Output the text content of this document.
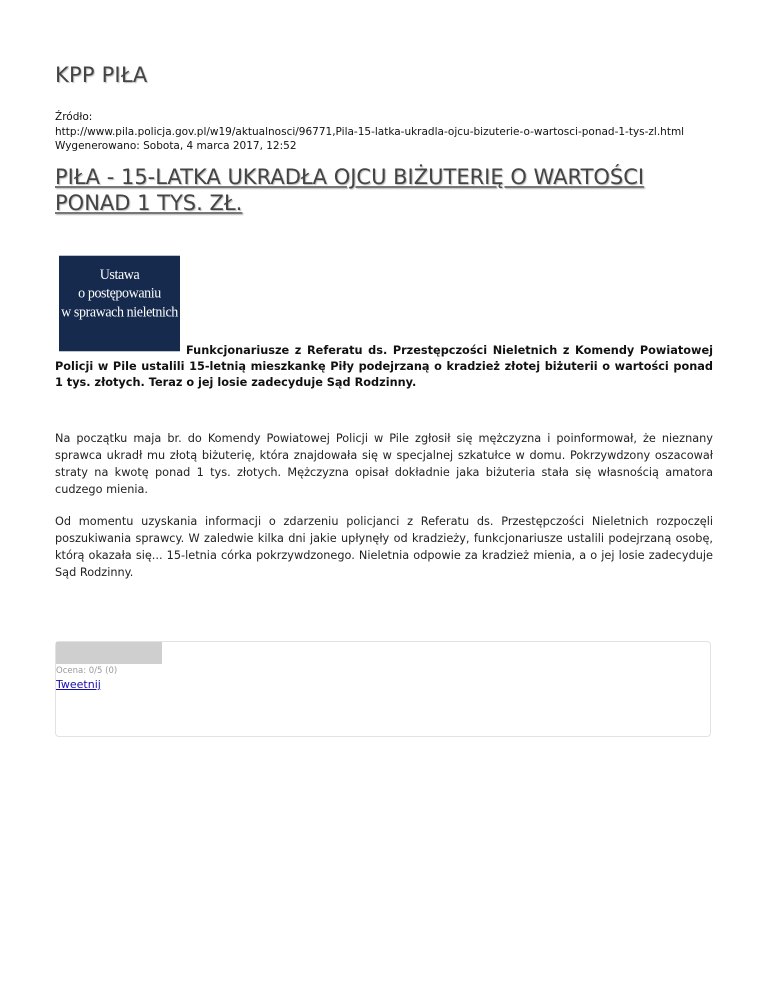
KPP PIŁA
Źródło:
http://www.pila.policja.gov.pl/w19/aktualnosci/96771,Pila-15-latka-ukradla-ojcu-bizuterie-o-wartosci-ponad-1-tys-zl.html
Wygenerowano: Sobota, 4 marca 2017, 12:52
PIŁA - 15-LATKA UKRADŁA OJCU BIŻUTERIĘ O WARTOŚCI PONAD 1 TYS. ZŁ.
Ustawa
o postępowaniu
w sprawach nieletnich

Funkcjonariusze z Referatu ds. Przestępczości Nieletnich z Komendy Powiatowej Policji w Pile ustalili 15-letnią mieszkankę Piły podejrzaną o kradzież złotej biżuterii o wartości ponad 1 tys. złotych. Teraz o jej losie zadecyduje Sąd Rodzinny.

Na początku maja br. do Komendy Powiatowej Policji w Pile zgłosił się mężczyzna i poinformował, że nieznany sprawca ukradł mu złotą biżuterię, która znajdowała się w specjalnej szkatułce w domu. Pokrzywdzony oszacował straty na kwotę ponad 1 tys. złotych. Mężczyzna opisał dokładnie jaka biżuteria stała się własnością amatora cudzego mienia.

Od momentu uzyskania informacji o zdarzeniu policjanci z Referatu ds. Przestępczości Nieletnich rozpoczęli poszukiwania sprawcy. W zaledwie kilka dni jakie upłynęły od kradzieży, funkcjonariusze ustalili podejrzaną osobę, którą okazała się... 15-letnia córka pokrzywdzonego. Nieletnia odpowie za kradzież mienia, a o jej losie zadecyduje Sąd Rodzinny.

Ocena: 0/5 (0)
Tweetnij
